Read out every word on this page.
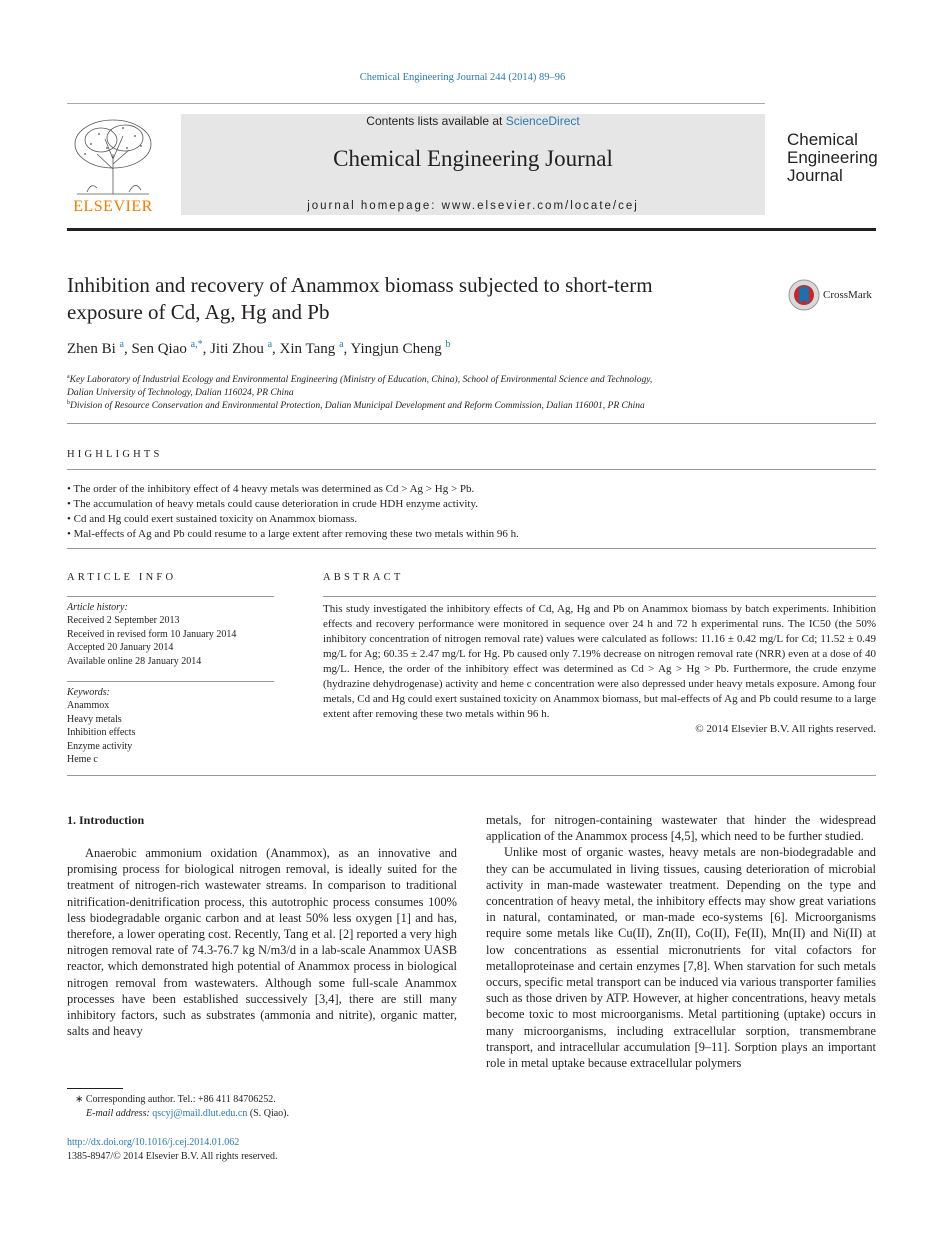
Chemical Engineering Journal 244 (2014) 89–96
ELSEVIER
Contents lists available at ScienceDirect
Chemical Engineering Journal
journal homepage: www.elsevier.com/locate/cej
Chemical
Engineering
Journal
Inhibition and recovery of Anammox biomass subjected to short-term
exposure of Cd, Ag, Hg and Pb
CrossMark
Zhen Bi $^a$, Sen Qiao $^{a,*}$, Jiti Zhou $^a$, Xin Tang $^a$, Yingjun Cheng $^b$
$^a$Key Laboratory of Industrial Ecology and Environmental Engineering (Ministry of Education, China), School of Environmental Science and Technology,
Dalian University of Technology, Dalian 116024, PR China
$^b$Division of Resource Conservation and Environmental Protection, Dalian Municipal Development and Reform Commission, Dalian 116001, PR China
HIGHLIGHTS
• The order of the inhibitory effect of 4 heavy metals was determined as Cd > Ag > Hg > Pb.
• The accumulation of heavy metals could cause deterioration in crude HDH enzyme activity.
• Cd and Hg could exert sustained toxicity on Anammox biomass.
• Mal-effects of Ag and Pb could resume to a large extent after removing these two metals within 96 h.
ARTICLE INFO
Article history:
Received 2 September 2013
Received in revised form 10 January 2014
Accepted 20 January 2014
Available online 28 January 2014
Keywords:
Anammox
Heavy metals
Inhibition effects
Enzyme activity
Heme c
ABSTRACT
This study investigated the inhibitory effects of Cd, Ag, Hg and Pb on Anammox biomass by batch experiments. Inhibition effects and recovery performance were monitored in sequence over 24 h and 72 h experimental runs. The IC50 (the 50% inhibitory concentration of nitrogen removal rate) values were calculated as follows: 11.16 ± 0.42 mg/L for Cd; 11.52 ± 0.49 mg/L for Ag; 60.35 ± 2.47 mg/L for Hg. Pb caused only 7.19% decrease on nitrogen removal rate (NRR) even at a dose of 40 mg/L. Hence, the order of the inhibitory effect was determined as Cd > Ag > Hg > Pb. Furthermore, the crude enzyme (hydrazine dehydrogenase) activity and heme c concentration were also depressed under heavy metals exposure. Among four metals, Cd and Hg could exert sustained toxicity on Anammox biomass, but mal-effects of Ag and Pb could resume to a large extent after removing these two metals within 96 h.
© 2014 Elsevier B.V. All rights reserved.
1. Introduction

Anaerobic ammonium oxidation (Anammox), as an innovative and promising process for biological nitrogen removal, is ideally suited for the treatment of nitrogen-rich wastewater streams. In comparison to traditional nitrification-denitrification process, this autotrophic process consumes 100% less biodegradable organic carbon and at least 50% less oxygen [1] and has, therefore, a lower operating cost. Recently, Tang et al. [2] reported a very high nitrogen removal rate of 74.3-76.7 kg N/m3/d in a lab-scale Anammox UASB reactor, which demonstrated high potential of Anammox process in biological nitrogen removal from wastewaters. Although some full-scale Anammox processes have been established successively [3,4], there are still many inhibitory factors, such as substrates (ammonia and nitrite), organic matter, salts and heavy

metals, for nitrogen-containing wastewater that hinder the widespread application of the Anammox process [4,5], which need to be further studied.

Unlike most of organic wastes, heavy metals are non-biodegradable and they can be accumulated in living tissues, causing deterioration of microbial activity in man-made wastewater treatment. Depending on the type and concentration of heavy metal, the inhibitory effects may show great variations in natural, contaminated, or man-made eco-systems [6]. Microorganisms require some metals like Cu(II), Zn(II), Co(II), Fe(II), Mn(II) and Ni(II) at low concentrations as essential micronutrients for vital cofactors for metalloproteinase and certain enzymes [7,8]. When starvation for such metals occurs, specific metal transport can be induced via various transporter families such as those driven by ATP. However, at higher concentrations, heavy metals become toxic to most microorganisms. Metal partitioning (uptake) occurs in many microorganisms, including extracellular sorption, transmembrane transport, and intracellular accumulation [9–11]. Sorption plays an important role in metal uptake because extracellular polymers

∗ Corresponding author. Tel.: +86 411 84706252.
E-mail address: qscyj@mail.dlut.edu.cn (S. Qiao).
http://dx.doi.org/10.1016/j.cej.2014.01.062
1385-8947/© 2014 Elsevier B.V. All rights reserved.
